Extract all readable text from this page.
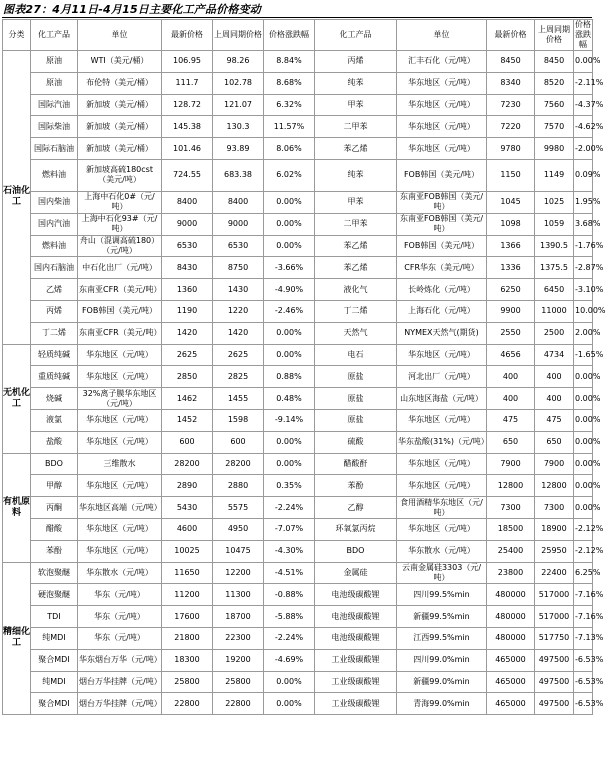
图表27：4月11日-4月15日主要化工产品价格变动
分类	化工产品	单位	最新价格	上周同期价格	价格涨跌幅	化工产品	单位	最新价格	上周同期价格	价格涨跌幅
石油化工	原油	WTI（美元/桶）	106.95	98.26	8.84%	丙烯	汇丰石化（元/吨）	8450	8450	0.00%
	原油	布伦特（美元/桶）	111.7	102.78	8.68%	纯苯	华东地区（元/吨）	8340	8520	-2.11%
	国际汽油	新加坡（美元/桶）	128.72	121.07	6.32%	甲苯	华东地区（元/吨）	7230	7560	-4.37%
	国际柴油	新加坡（美元/桶）	145.38	130.3	11.57%	二甲苯	华东地区（元/吨）	7220	7570	-4.62%
	国际石脑油	新加坡（美元/桶）	101.46	93.89	8.06%	苯乙烯	华东地区（元/吨）	9780	9980	-2.00%
	燃料油	新加坡高硫180cst（美元/吨）	724.55	683.38	6.02%	纯苯	FOB韩国（美元/吨）	1150	1149	0.09%
	国内柴油	上海中石化0#（元/吨）	8400	8400	0.00%	甲苯	东南亚FOB韩国（美元/吨）	1045	1025	1.95%
	国内汽油	上海中石化93#（元/吨）	9000	9000	0.00%	二甲苯	东南亚FOB韩国（美元/吨）	1098	1059	3.68%
	燃料油	舟山（混调高硫180）（元/吨）	6530	6530	0.00%	苯乙烯	FOB韩国（美元/吨）	1366	1390.5	-1.76%
	国内石脑油	中石化出厂（元/吨）	8430	8750	-3.66%	苯乙烯	CFR华东（美元/吨）	1336	1375.5	-2.87%
	乙烯	东南亚CFR（美元/吨）	1360	1430	-4.90%	液化气	长岭炼化（元/吨）	6250	6450	-3.10%
	丙烯	FOB韩国（美元/吨）	1190	1220	-2.46%	丁二烯	上海石化（元/吨）	9900	11000	10.00%
	丁二烯	东南亚CFR（美元/吨）	1420	1420	0.00%	天然气	NYMEX天然气(期货)	2550	2500	2.00%
无机化工	轻质纯碱	华东地区（元/吨）	2625	2625	0.00%	电石	华东地区（元/吨）	4656	4734	-1.65%
	重质纯碱	华东地区（元/吨）	2850	2825	0.88%	原盐	河北出厂（元/吨）	400	400	0.00%
	烧碱	32%离子膜华东地区（元/吨）	1462	1455	0.48%	原盐	山东地区海盐（元/吨）	400	400	0.00%
	液氯	华东地区（元/吨）	1452	1598	-9.14%	原盐	华东地区（元/吨）	475	475	0.00%
	盐酸	华东地区（元/吨）	600	600	0.00%	硫酸	华东盐酸(31%)（元/吨）	650	650	0.00%
有机原料	BDO	三维散水	28200	28200	0.00%	醋酸酐	华东地区（元/吨）	7900	7900	0.00%
	甲醇	华东地区（元/吨）	2890	2880	0.35%	苯酚	华东地区（元/吨）	12800	12800	0.00%
	丙酮	华东地区高端（元/吨）	5430	5575	-2.24%	乙醇	食用酒精华东地区（元/吨）	7300	7300	0.00%
	醋酸	华东地区（元/吨）	4600	4950	-7.07%	环氧氯丙烷	华东地区（元/吨）	18500	18900	-2.12%
	苯酚	华东地区（元/吨）	10025	10475	-4.30%	BDO	华东散水（元/吨）	25400	25950	-2.12%
精细化工	软泡聚醚	华东散水（元/吨）	11650	12200	-4.51%	金属硅	云南金属硅3303（元/吨）	23800	22400	6.25%
	硬泡聚醚	华东（元/吨）	11200	11300	-0.88%	电池级碳酸锂	四川99.5%min	480000	517000	-7.16%
	TDI	华东（元/吨）	17600	18700	-5.88%	电池级碳酸锂	新疆99.5%min	480000	517000	-7.16%
	纯MDI	华东（元/吨）	21800	22300	-2.24%	电池级碳酸锂	江西99.5%min	480000	517750	-7.13%
	聚合MDI	华东烟台万华（元/吨）	18300	19200	-4.69%	工业级碳酸锂	四川99.0%min	465000	497500	-6.53%
	纯MDI	烟台万华挂牌（元/吨）	25800	25800	0.00%	工业级碳酸锂	新疆99.0%min	465000	497500	-6.53%
	聚合MDI	烟台万华挂牌（元/吨）	22800	22800	0.00%	工业级碳酸锂	青海99.0%min	465000	497500	-6.53%
